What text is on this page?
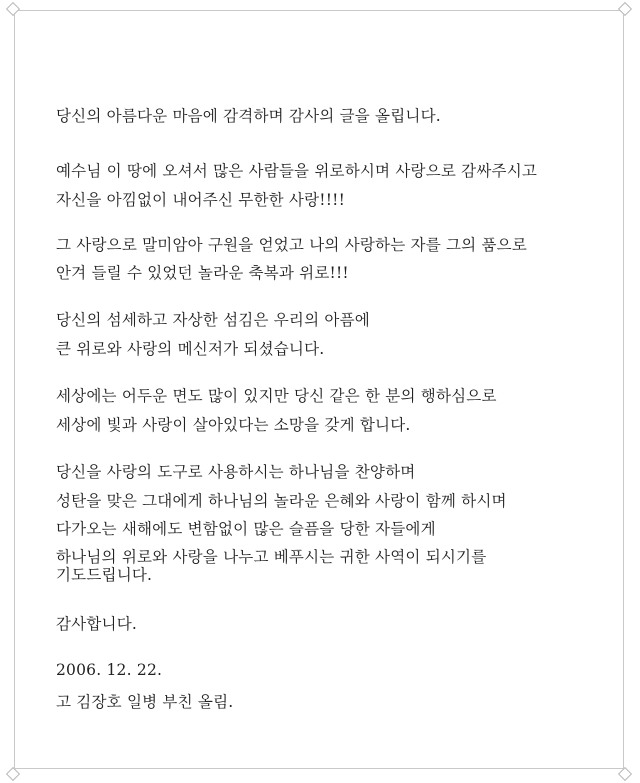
당신의 아름다운 마음에 감격하며 감사의 글을 올립니다.
예수님 이 땅에 오셔서 많은 사람들을 위로하시며 사랑으로 감싸주시고
자신을 아낌없이 내어주신 무한한 사랑!!!!
그 사랑으로 말미암아 구원을 얻었고 나의 사랑하는 자를 그의 품으로
안겨 들릴 수 있었던 놀라운 축복과 위로!!!
당신의 섬세하고 자상한 섬김은 우리의 아픔에
큰 위로와 사랑의 메신저가 되셨습니다.
세상에는 어두운 면도 많이 있지만 당신 같은 한 분의 행하심으로
세상에 빛과 사랑이 살아있다는 소망을 갖게 합니다.
당신을 사랑의 도구로 사용하시는 하나님을 찬양하며
성탄을 맞은 그대에게 하나님의 놀라운 은혜와 사랑이 함께 하시며
다가오는 새해에도 변함없이 많은 슬픔을 당한 자들에게
하나님의 위로와 사랑을 나누고 베푸시는 귀한 사역이 되시기를
기도드립니다.
감사합니다.
2006. 12. 22.
고 김장호 일병 부친 올림.
